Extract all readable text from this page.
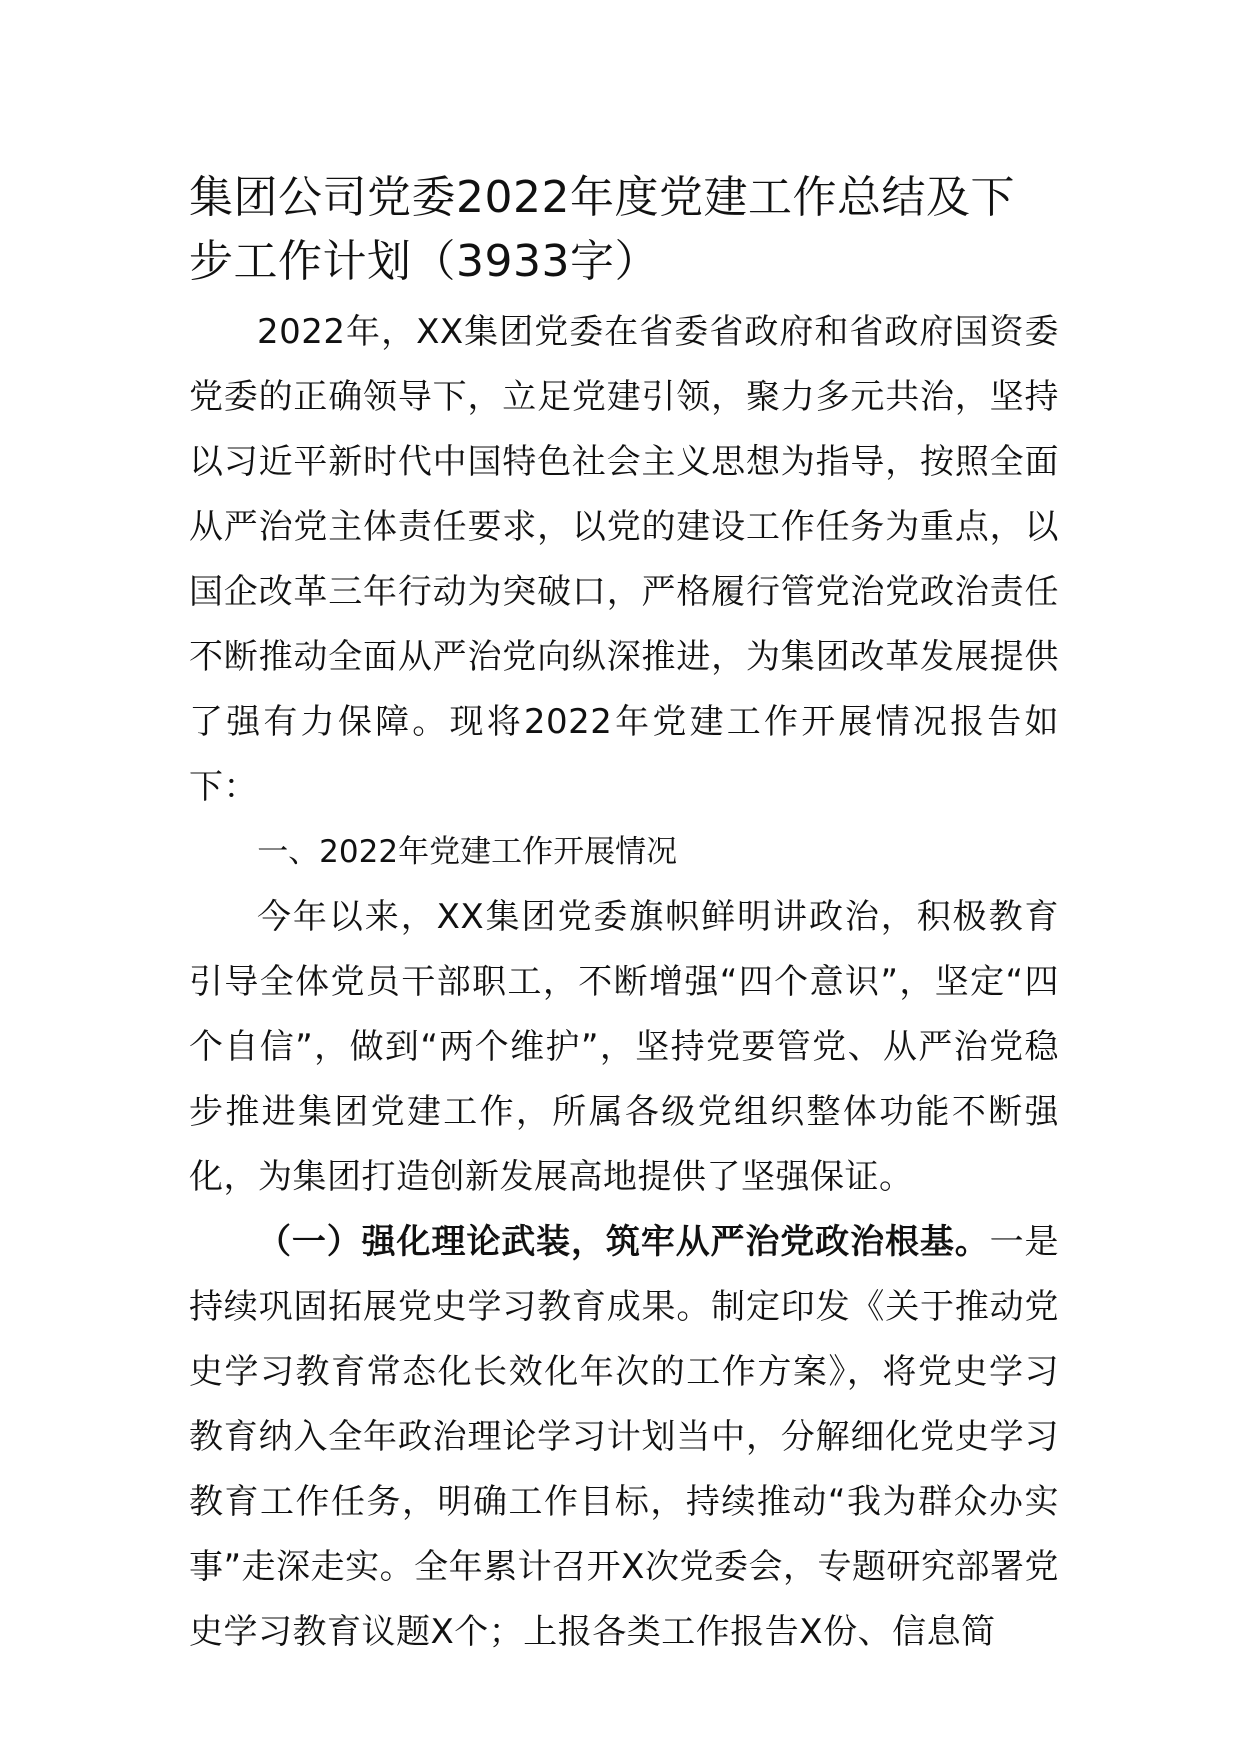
集团公司党委2022年度党建工作总结及下步工作计划（3933字）

2022年，XX集团党委在省委省政府和省政府国资委党委的正确领导下，立足党建引领，聚力多元共治，坚持以习近平新时代中国特色社会主义思想为指导，按照全面从严治党主体责任要求，以党的建设工作任务为重点，以国企改革三年行动为突破口，严格履行管党治党政治责任不断推动全面从严治党向纵深推进，为集团改革发展提供了强有力保障。现将2022年党建工作开展情况报告如下：

一、2022年党建工作开展情况

今年以来，XX集团党委旗帜鲜明讲政治，积极教育引导全体党员干部职工，不断增强“四个意识”，坚定“四个自信”，做到“两个维护”，坚持党要管党、从严治党稳步推进集团党建工作，所属各级党组织整体功能不断强化，为集团打造创新发展高地提供了坚强保证。

（一）强化理论武装，筑牢从严治党政治根基。一是持续巩固拓展党史学习教育成果。制定印发《关于推动党史学习教育常态化长效化年次的工作方案》，将党史学习教育纳入全年政治理论学习计划当中，分解细化党史学习教育工作任务，明确工作目标，持续推动“我为群众办实事”走深走实。全年累计召开X次党委会，专题研究部署党史学习教育议题X个；上报各类工作报告X份、信息简
